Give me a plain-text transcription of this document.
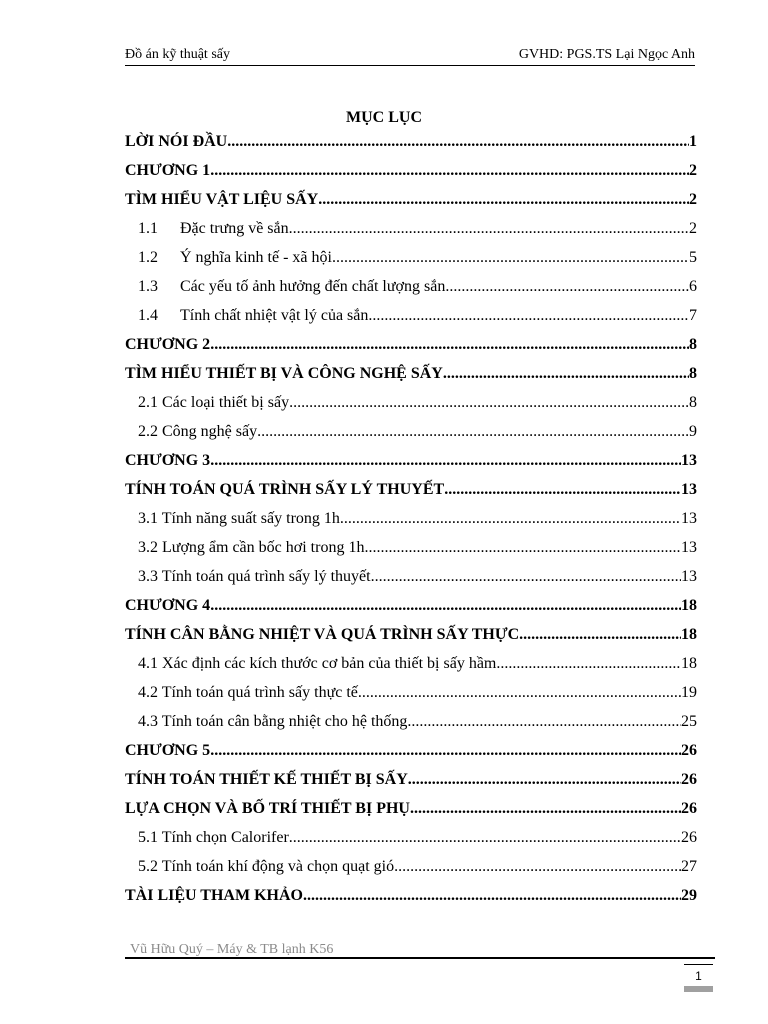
Đồ án kỹ thuật sấy	GVHD: PGS.TS Lại Ngọc Anh
MỤC LỤC
LỜI NÓI ĐẦU .....	1
CHƯƠNG 1 .....	2
TÌM HIỂU VẬT LIỆU SẤY .....	2
1.1	Đặc trưng về sắn .....	2
1.2	Ý nghĩa kinh tế - xã hội .....	5
1.3	Các yếu tố ảnh hưởng đến chất lượng sắn .....	6
1.4	Tính chất nhiệt vật lý của sắn .....	7
CHƯƠNG 2 .....	8
TÌM HIỂU THIẾT BỊ VÀ CÔNG NGHỆ SẤY .....	8
2.1 Các loại thiết bị sấy .....	8
2.2 Công nghệ sấy .....	9
CHƯƠNG 3 .....	13
TÍNH TOÁN QUÁ TRÌNH SẤY LÝ THUYẾT .....	13
3.1 Tính năng suất sấy trong 1h .....	13
3.2 Lượng ẩm cần bốc hơi trong 1h .....	13
3.3 Tính toán quá trình sấy lý thuyết .....	13
CHƯƠNG 4 .....	18
TÍNH CÂN BẰNG NHIỆT VÀ QUÁ TRÌNH SẤY THỰC .....	18
4.1 Xác định các kích thước cơ bản của thiết bị sấy hầm .....	18
4.2 Tính toán quá trình sấy thực tế .....	19
4.3 Tính toán cân bằng nhiệt cho hệ thống .....	25
CHƯƠNG 5 .....	26
TÍNH TOÁN THIẾT KẾ THIẾT BỊ SẤY .....	26
LỰA CHỌN VÀ BỐ TRÍ THIẾT BỊ PHỤ .....	26
5.1 Tính chọn Calorifer .....	26
5.2 Tính toán khí động và chọn quạt gió .....	27
TÀI LIỆU THAM KHẢO .....	29
Vũ Hữu Quý – Máy & TB lạnh K56
1
